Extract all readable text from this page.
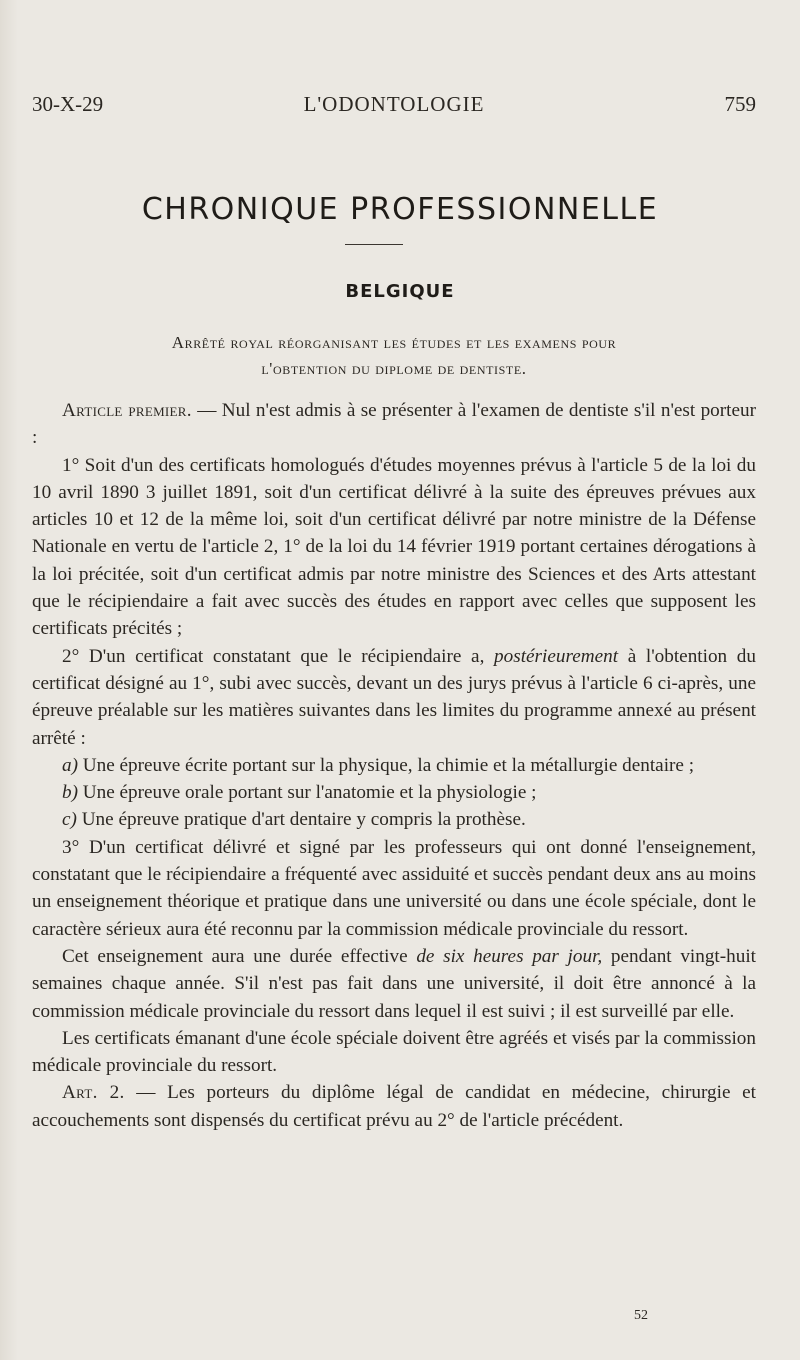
30-X-29	L'ODONTOLOGIE	759
CHRONIQUE PROFESSIONNELLE
BELGIQUE
Arrêté royal réorganisant les études et les examens pour
l'obtention du diplome de dentiste.

Article premier. — Nul n'est admis à se présenter à l'examen de dentiste s'il n'est porteur :

1° Soit d'un des certificats homologués d'études moyennes prévus à l'article 5 de la loi du 10 avril 1890 3 juillet 1891, soit d'un certificat délivré à la suite des épreuves prévues aux articles 10 et 12 de la même loi, soit d'un certificat délivré par notre ministre de la Défense Nationale en vertu de l'article 2, 1° de la loi du 14 février 1919 portant certaines dérogations à la loi précitée, soit d'un certificat admis par notre ministre des Sciences et des Arts attestant que le récipiendaire a fait avec succès des études en rapport avec celles que supposent les certificats précités ;

2° D'un certificat constatant que le récipiendaire a, postérieurement à l'obtention du certificat désigné au 1°, subi avec succès, devant un des jurys prévus à l'article 6 ci-après, une épreuve préalable sur les matières suivantes dans les limites du programme annexé au présent arrêté :

a) Une épreuve écrite portant sur la physique, la chimie et la métallurgie dentaire ;

b) Une épreuve orale portant sur l'anatomie et la physiologie ;

c) Une épreuve pratique d'art dentaire y compris la prothèse.

3° D'un certificat délivré et signé par les professeurs qui ont donné l'enseignement, constatant que le récipiendaire a fréquenté avec assiduité et succès pendant deux ans au moins un enseignement théorique et pratique dans une université ou dans une école spéciale, dont le caractère sérieux aura été reconnu par la commission médicale provinciale du ressort.

Cet enseignement aura une durée effective de six heures par jour, pendant vingt-huit semaines chaque année. S'il n'est pas fait dans une université, il doit être annoncé à la commission médicale provinciale du ressort dans lequel il est suivi ; il est surveillé par elle.

Les certificats émanant d'une école spéciale doivent être agréés et visés par la commission médicale provinciale du ressort.

Art. 2. — Les porteurs du diplôme légal de candidat en médecine, chirurgie et accouchements sont dispensés du certificat prévu au 2° de l'article précédent.

52
